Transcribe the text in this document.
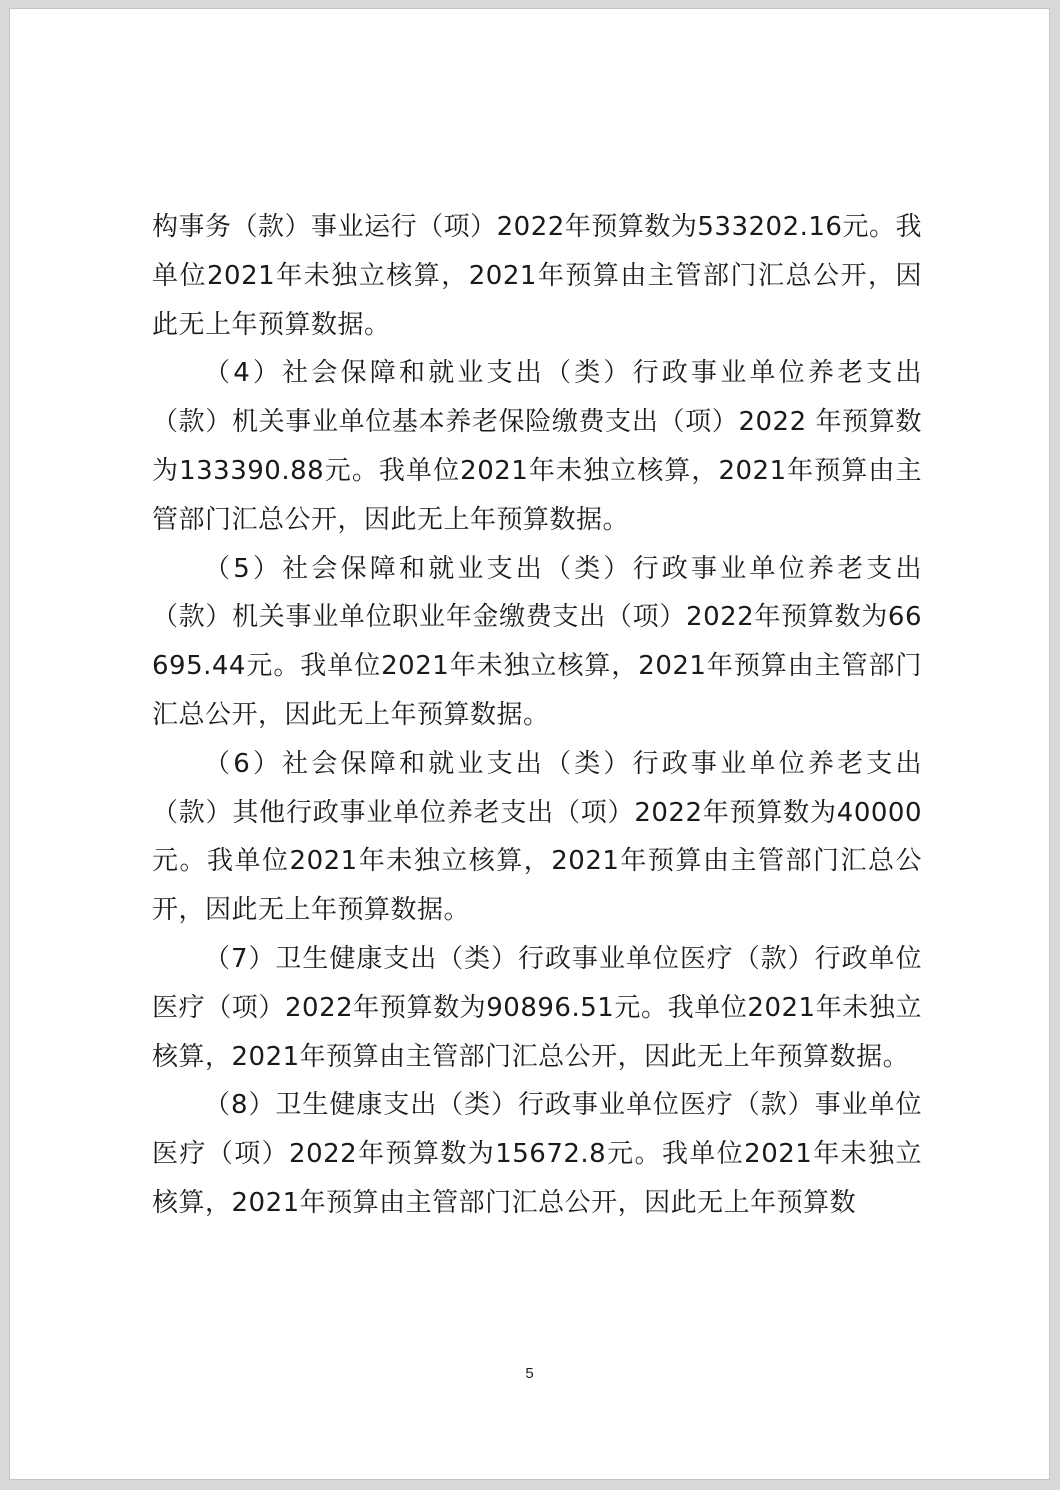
构事务（款）事业运行（项）2022年预算数为533202.16元。我单位2021年未独立核算，2021年预算由主管部门汇总公开，因此无上年预算数据。

（4）社会保障和就业支出（类）行政事业单位养老支出（款）机关事业单位基本养老保险缴费支出（项）2022 年预算数为133390.88元。我单位2021年未独立核算，2021年预算由主管部门汇总公开，因此无上年预算数据。

（5）社会保障和就业支出（类）行政事业单位养老支出（款）机关事业单位职业年金缴费支出（项）2022年预算数为66695.44元。我单位2021年未独立核算，2021年预算由主管部门汇总公开，因此无上年预算数据。

（6）社会保障和就业支出（类）行政事业单位养老支出（款）其他行政事业单位养老支出（项）2022年预算数为40000元。我单位2021年未独立核算，2021年预算由主管部门汇总公开，因此无上年预算数据。

（7）卫生健康支出（类）行政事业单位医疗（款）行政单位医疗（项）2022年预算数为90896.51元。我单位2021年未独立核算，2021年预算由主管部门汇总公开，因此无上年预算数据。

（8）卫生健康支出（类）行政事业单位医疗（款）事业单位医疗（项）2022年预算数为15672.8元。我单位2021年未独立核算，2021年预算由主管部门汇总公开，因此无上年预算数

5
